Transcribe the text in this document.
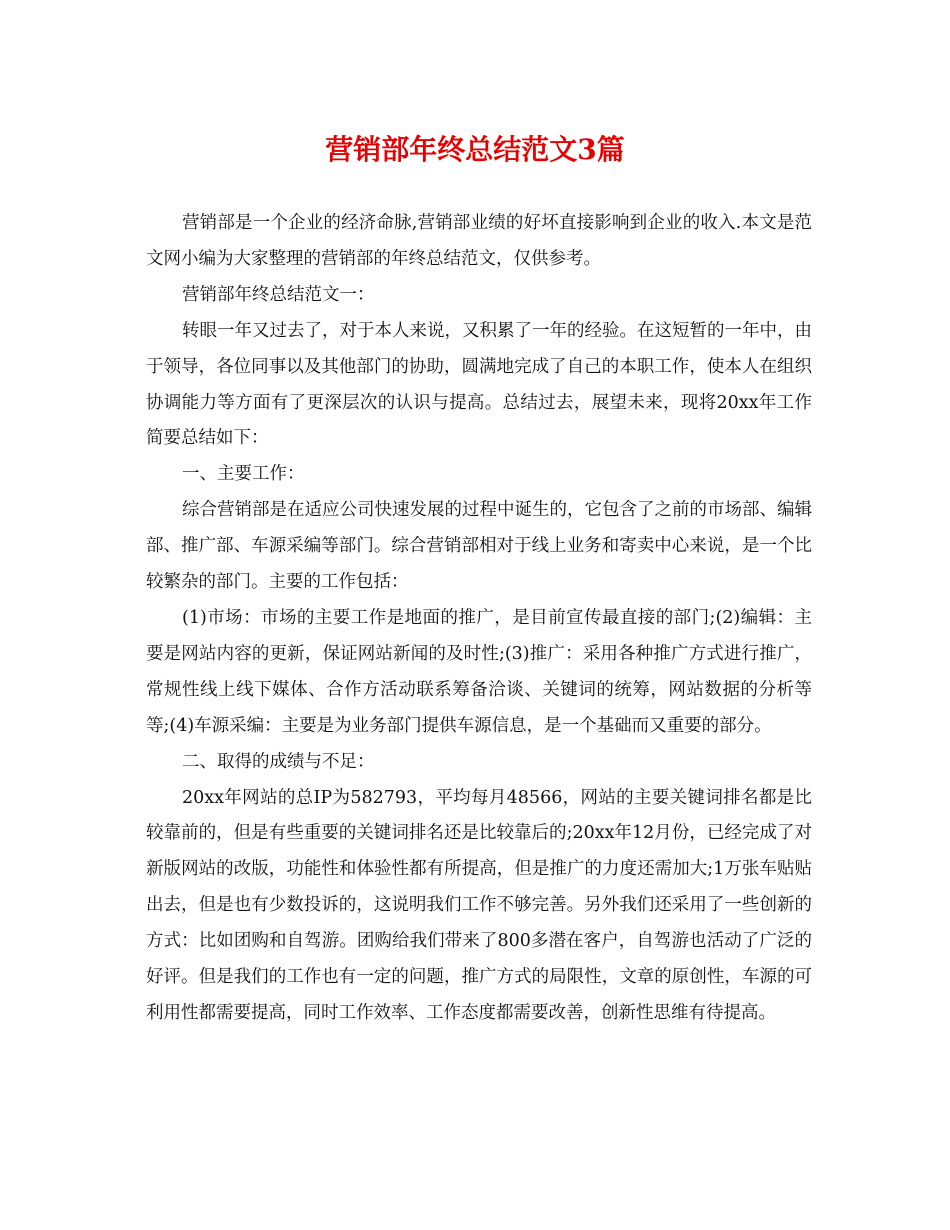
营销部年终总结范文3篇

营销部是一个企业的经济命脉,营销部业绩的好坏直接影响到企业的收入.本文是范文网小编为大家整理的营销部的年终总结范文，仅供参考。

营销部年终总结范文一：

转眼一年又过去了，对于本人来说，又积累了一年的经验。在这短暂的一年中，由于领导，各位同事以及其他部门的协助，圆满地完成了自己的本职工作，使本人在组织协调能力等方面有了更深层次的认识与提高。总结过去，展望未来，现将20xx年工作简要总结如下：

一、主要工作：

综合营销部是在适应公司快速发展的过程中诞生的，它包含了之前的市场部、编辑部、推广部、车源采编等部门。综合营销部相对于线上业务和寄卖中心来说，是一个比较繁杂的部门。主要的工作包括：

(1)市场：市场的主要工作是地面的推广，是目前宣传最直接的部门;(2)编辑：主要是网站内容的更新，保证网站新闻的及时性;(3)推广：采用各种推广方式进行推广，常规性线上线下媒体、合作方活动联系筹备洽谈、关键词的统筹，网站数据的分析等等;(4)车源采编：主要是为业务部门提供车源信息，是一个基础而又重要的部分。

二、取得的成绩与不足：

20xx年网站的总IP为582793，平均每月48566，网站的主要关键词排名都是比较靠前的，但是有些重要的关键词排名还是比较靠后的;20xx年12月份，已经完成了对新版网站的改版，功能性和体验性都有所提高，但是推广的力度还需加大;1万张车贴贴出去，但是也有少数投诉的，这说明我们工作不够完善。另外我们还采用了一些创新的方式：比如团购和自驾游。团购给我们带来了800多潜在客户，自驾游也活动了广泛的好评。但是我们的工作也有一定的问题，推广方式的局限性，文章的原创性，车源的可利用性都需要提高，同时工作效率、工作态度都需要改善，创新性思维有待提高。
